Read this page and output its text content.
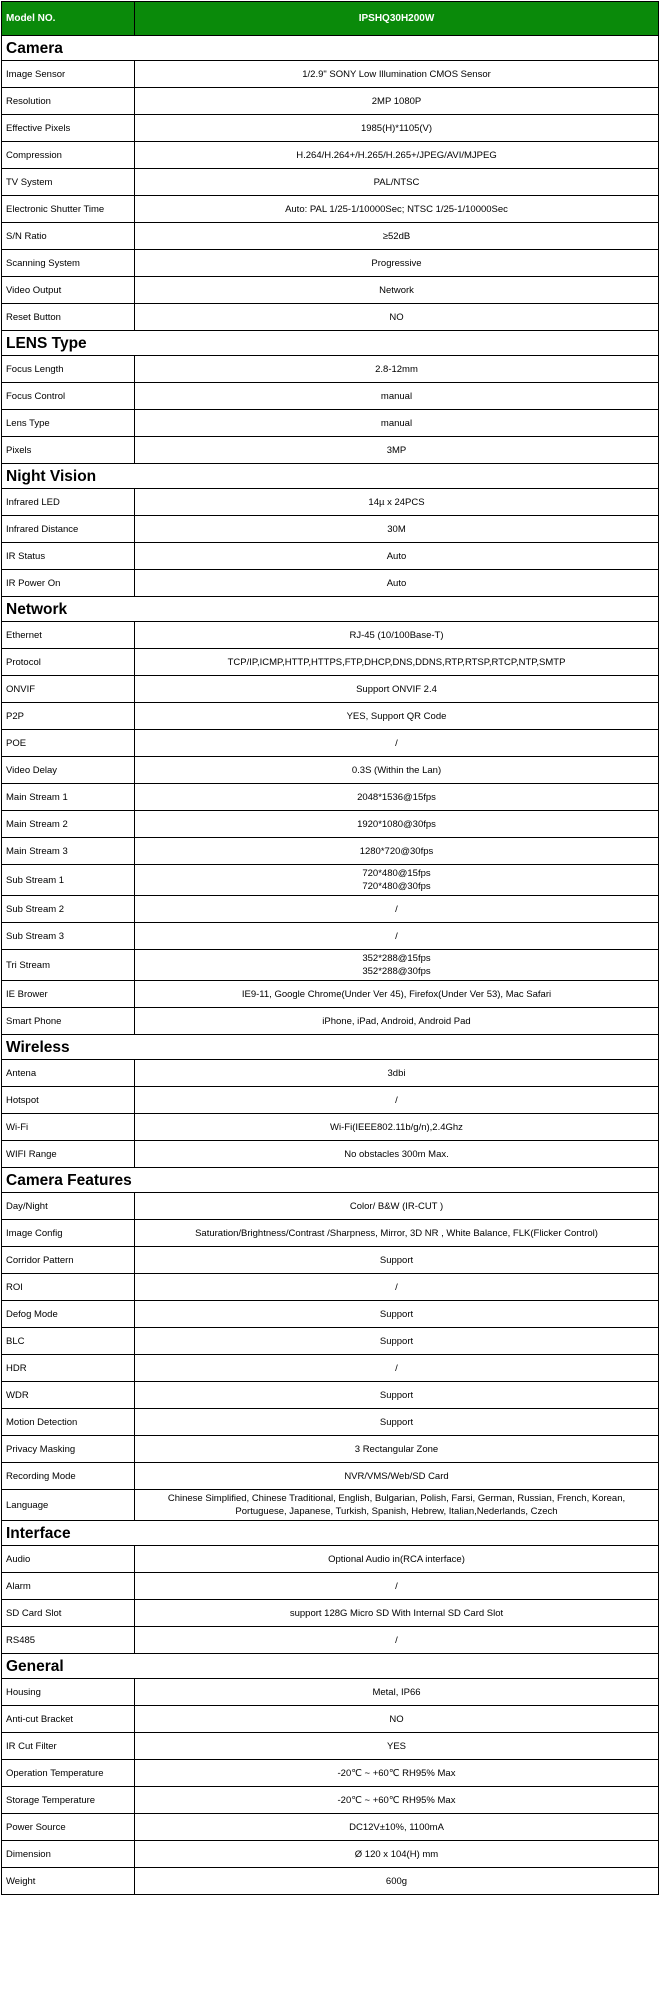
Model NO.	IPSHQ30H200W
Camera	
Image Sensor	1/2.9" SONY Low Illumination CMOS Sensor
Resolution	2MP 1080P
Effective Pixels	1985(H)*1105(V)
Compression	H.264/H.264+/H.265/H.265+/JPEG/AVI/MJPEG
TV System	PAL/NTSC
Electronic Shutter Time	Auto: PAL 1/25-1/10000Sec; NTSC 1/25-1/10000Sec
S/N Ratio	≥52dB
Scanning System	Progressive
Video Output	Network
Reset Button	NO
LENS Type	
Focus Length	2.8-12mm
Focus Control	manual
Lens Type	manual
Pixels	3MP
Night Vision	
Infrared LED	14µ x 24PCS
Infrared Distance	30M
IR Status	Auto
IR Power On	Auto
Network	
Ethernet	RJ-45 (10/100Base-T)
Protocol	TCP/IP,ICMP,HTTP,HTTPS,FTP,DHCP,DNS,DDNS,RTP,RTSP,RTCP,NTP,SMTP
ONVIF	Support ONVIF 2.4
P2P	YES, Support QR Code
POE	/
Video Delay	0.3S (Within the Lan)
Main Stream 1	2048*1536@15fps
Main Stream 2	1920*1080@30fps
Main Stream 3	1280*720@30fps
Sub Stream 1	720*480@15fps
720*480@30fps

Sub Stream 2	/
Sub Stream 3	/
Tri Stream	352*288@15fps
352*288@30fps

IE Brower	IE9-11, Google Chrome(Under Ver 45), Firefox(Under Ver 53), Mac Safari
Smart Phone	iPhone, iPad, Android, Android Pad
Wireless	
Antena	3dbi
Hotspot	/
Wi-Fi	Wi-Fi(IEEE802.11b/g/n),2.4Ghz
WIFI Range	No obstacles 300m Max.
Camera Features	
Day/Night	Color/ B&W (IR-CUT )
Image Config	Saturation/Brightness/Contrast /Sharpness, Mirror, 3D NR , White Balance, FLK(Flicker Control)
Corridor Pattern	Support
ROI	/
Defog Mode	Support
BLC	Support
HDR	/
WDR	Support
Motion Detection	Support
Privacy Masking	3 Rectangular Zone
Recording Mode	NVR/VMS/Web/SD Card
Language	Chinese Simplified, Chinese Traditional, English, Bulgarian, Polish, Farsi, German, Russian, French, Korean,
Portuguese, Japanese, Turkish, Spanish, Hebrew, Italian,Nederlands, Czech

Interface	
Audio	Optional Audio in(RCA interface)
Alarm	/
SD Card Slot	support 128G Micro SD With Internal SD Card Slot
RS485	/
General	
Housing	Metal, IP66
Anti-cut Bracket	NO
IR Cut Filter	YES
Operation Temperature	-20℃ ~ +60℃ RH95% Max
Storage Temperature	-20℃ ~ +60℃ RH95% Max
Power Source	DC12V±10%, 1100mA
Dimension	Ø 120 x 104(H) mm
Weight	600g
